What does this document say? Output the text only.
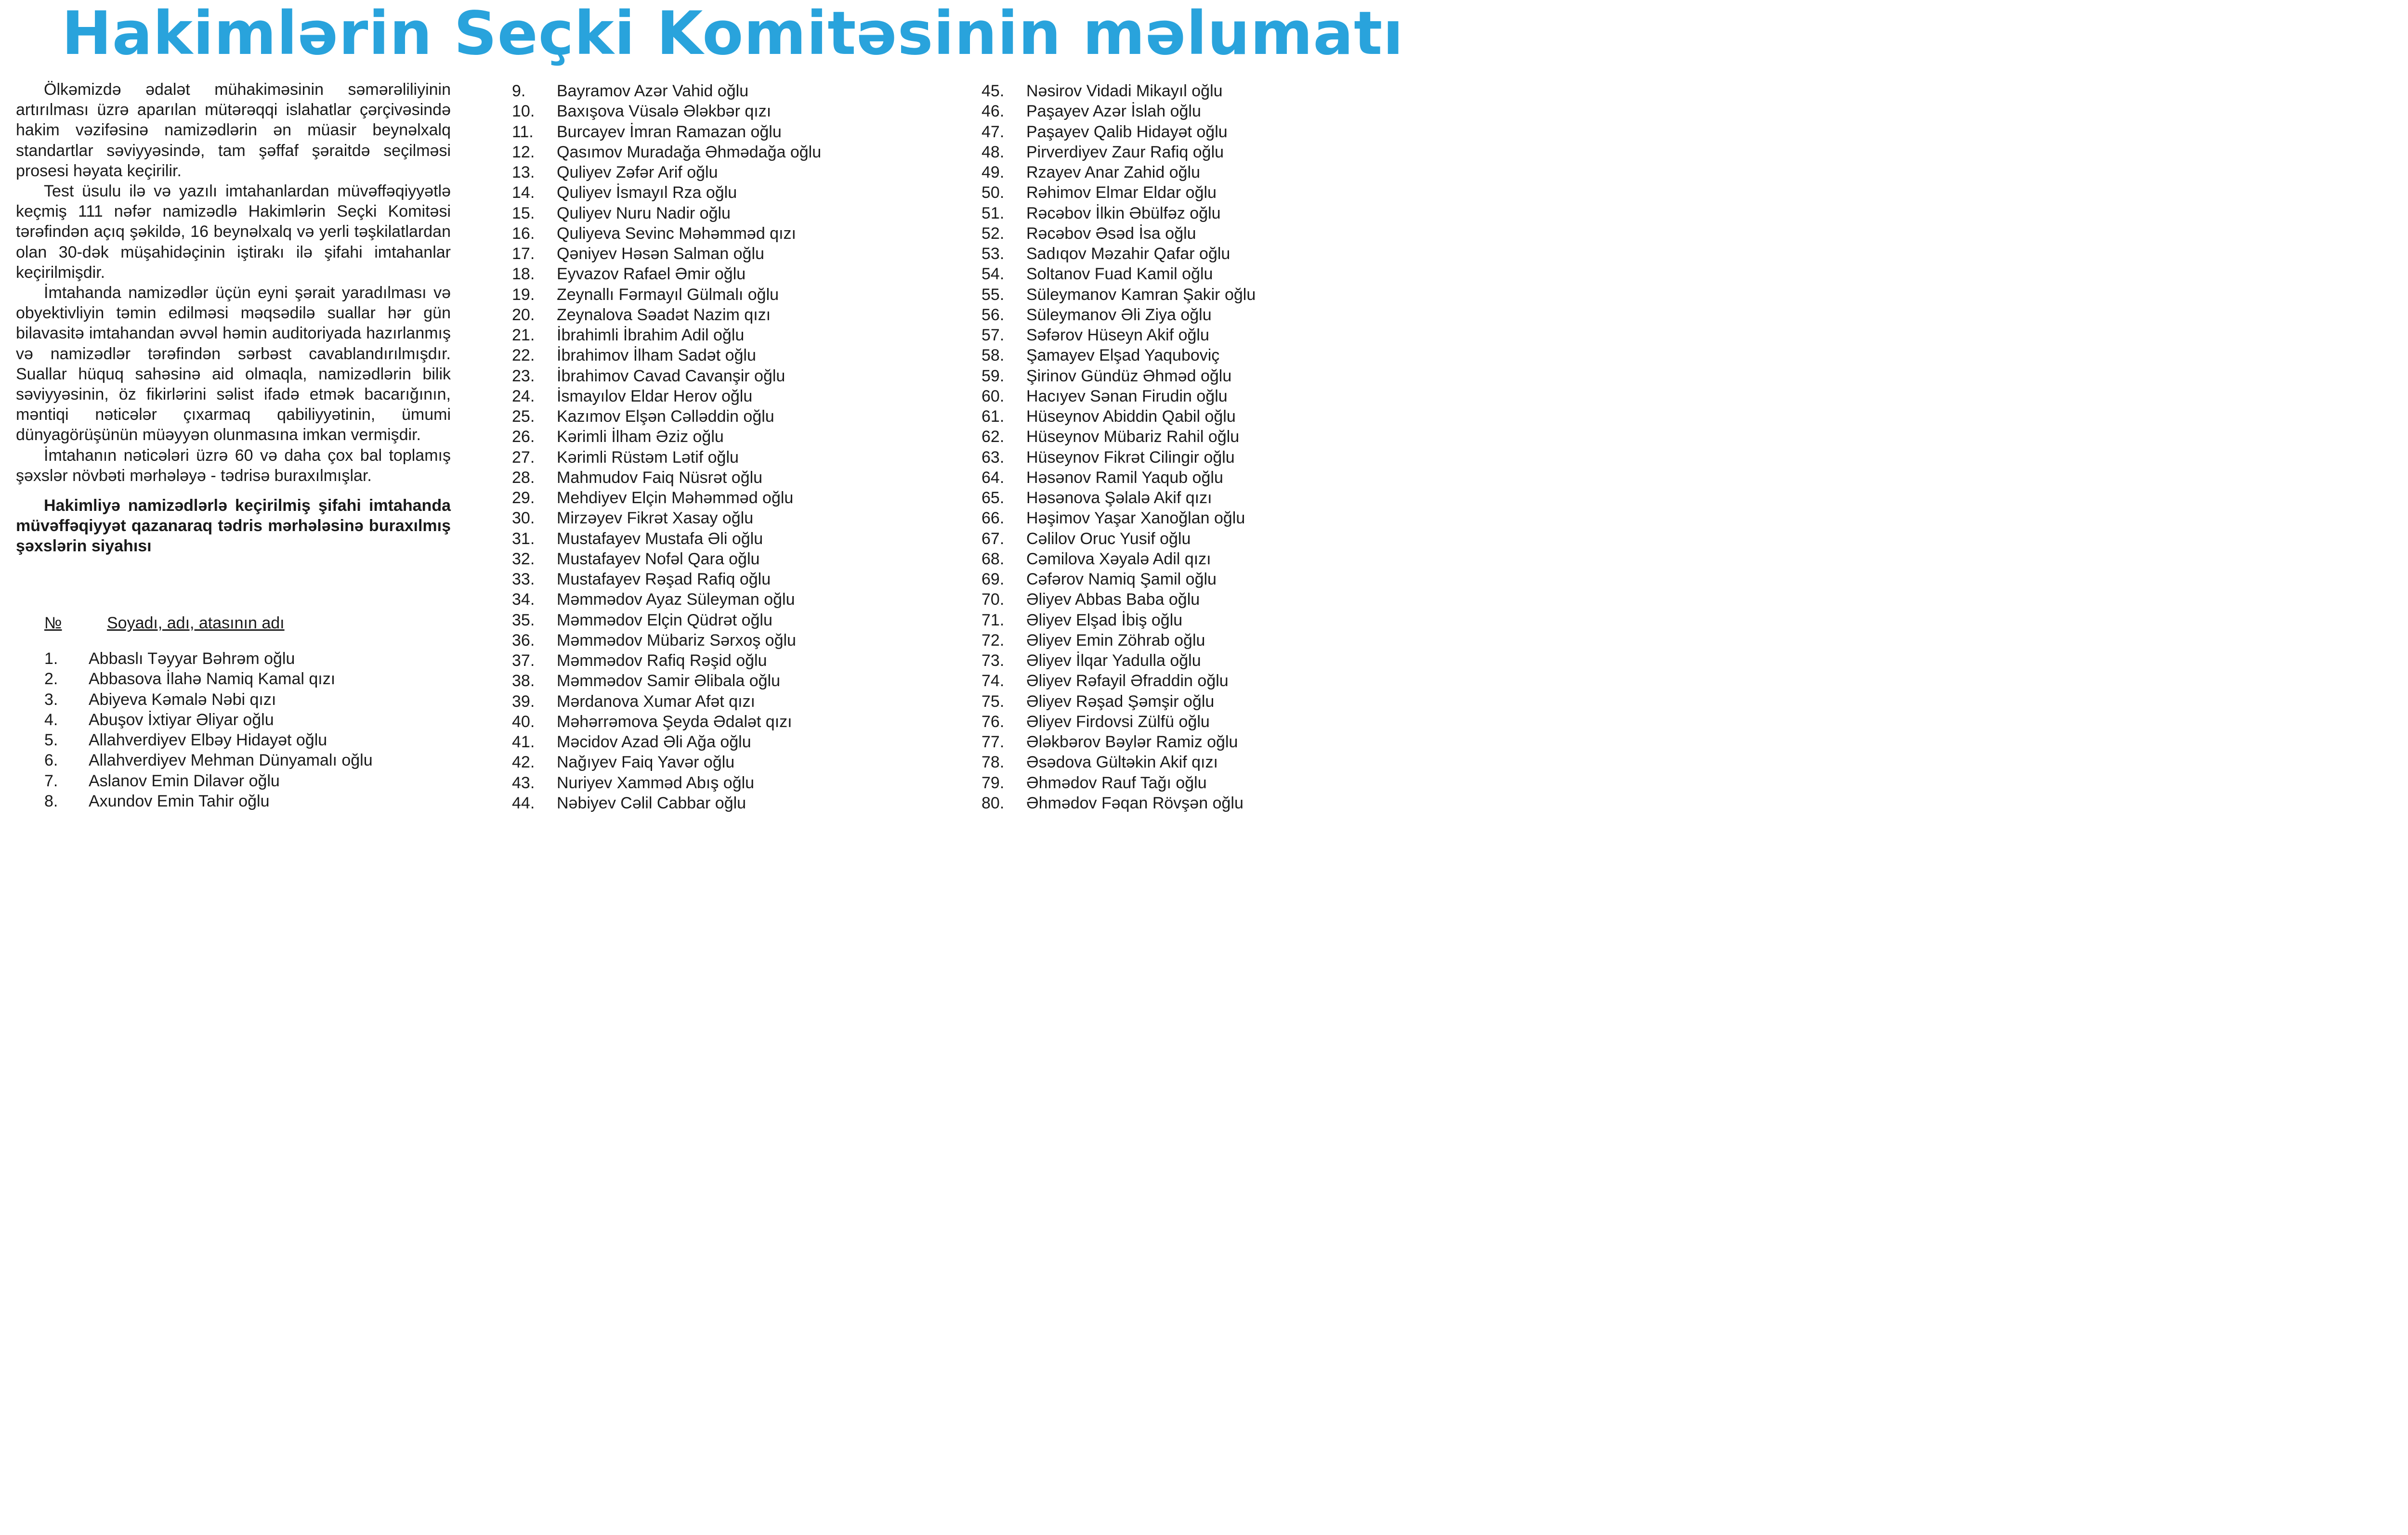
Hakimlərin Seçki Komitəsinin məlumatı

Ölkəmizdə ədalət mühakiməsinin səmərəliliyinin artırılması üzrə aparılan mütərəqqi islahatlar çərçivəsində hakim vəzifəsinə namizədlərin ən müasir beynəlxalq standartlar səviyyəsində, tam şəffaf şəraitdə seçilməsi prosesi həyata keçirilir.

Test üsulu ilə və yazılı imtahanlardan müvəffəqiyyətlə keçmiş 111 nəfər namizədlə Hakimlərin Seçki Komitəsi tərəfindən açıq şəkildə, 16 beynəlxalq və yerli təşkilatlardan olan 30-dək müşahidəçinin iştirakı ilə şifahi imtahanlar keçirilmişdir.

İmtahanda namizədlər üçün eyni şərait yaradılması və obyektivliyin təmin edilməsi məqsədilə suallar hər gün bilavasitə imtahandan əvvəl həmin auditoriyada hazırlanmış və namizədlər tərəfindən sərbəst cavablandırılmışdır. Suallar hüquq sahəsinə aid olmaqla, namizədlərin bilik səviyyəsinin, öz fikirlərini səlist ifadə etmək bacarığının, məntiqi nəticələr çıxarmaq qabiliyyətinin, ümumi dünyagörüşünün müəyyən olunmasına imkan vermişdir.

İmtahanın nəticələri üzrə 60 və daha çox bal toplamış şəxslər növbəti mərhələyə - tədrisə buraxılmışlar.

Hakimliyə namizədlərlə keçirilmiş şifahi imtahanda müvəffəqiyyət qazanaraq tədris mərhələsinə buraxılmış şəxslərin siyahısı

№	Soyadı, adı, atasının adı
1. Abbaslı Təyyar Bəhrəm oğlu
2. Abbasova İlahə Namiq Kamal qızı
3. Abiyeva Kəmalə Nəbi qızı
4. Abuşov İxtiyar Əliyar oğlu
5. Allahverdiyev Elbəy Hidayət oğlu
6. Allahverdiyev Mehman Dünyamalı oğlu
7. Aslanov Emin Dilavər oğlu
8. Axundov Emin Tahir oğlu
9. Bayramov Azər Vahid oğlu
10. Baxışova Vüsalə Ələkbər qızı
11. Burcayev İmran Ramazan oğlu
12. Qasımov Muradağa Əhmədağa oğlu
13. Quliyev Zəfər Arif oğlu
14. Quliyev İsmayıl Rza oğlu
15. Quliyev Nuru Nadir oğlu
16. Quliyeva Sevinc Məhəmməd qızı
17. Qəniyev Həsən Salman oğlu
18. Eyvazov Rafael Əmir oğlu
19. Zeynallı Fərmayıl Gülmalı oğlu
20. Zeynalova Səadət Nazim qızı
21. İbrahimli İbrahim Adil oğlu
22. İbrahimov İlham Sadət oğlu
23. İbrahimov Cavad Cavanşir oğlu
24. İsmayılov Eldar Herov oğlu
25. Kazımov Elşən Cəlləddin oğlu
26. Kərimli İlham Əziz oğlu
27. Kərimli Rüstəm Lətif oğlu
28. Mahmudov Faiq Nüsrət oğlu
29. Mehdiyev Elçin Məhəmməd oğlu
30. Mirzəyev Fikrət Xasay oğlu
31. Mustafayev Mustafa Əli oğlu
32. Mustafayev Nofəl Qara oğlu
33. Mustafayev Rəşad Rafiq oğlu
34. Məmmədov Ayaz Süleyman oğlu
35. Məmmədov Elçin Qüdrət oğlu
36. Məmmədov Mübariz Sərxoş oğlu
37. Məmmədov Rafiq Rəşid oğlu
38. Məmmədov Samir Əlibala oğlu
39. Mərdanova Xumar Afət qızı
40. Məhərrəmova Şeyda Ədalət qızı
41. Məcidov Azad Əli Ağa oğlu
42. Nağıyev Faiq Yavər oğlu
43. Nuriyev Xamməd Abış oğlu
44. Nəbiyev Cəlil Cabbar oğlu
45. Nəsirov Vidadi Mikayıl oğlu
46. Paşayev Azər İslah oğlu
47. Paşayev Qalib Hidayət oğlu
48. Pirverdiyev Zaur Rafiq oğlu
49. Rzayev Anar Zahid oğlu
50. Rəhimov Elmar Eldar oğlu
51. Rəcəbov İlkin Əbülfəz oğlu
52. Rəcəbov Əsəd İsa oğlu
53. Sadıqov Məzahir Qafar oğlu
54. Soltanov Fuad Kamil oğlu
55. Süleymanov Kamran Şakir oğlu
56. Süleymanov Əli Ziya oğlu
57. Səfərov Hüseyn Akif oğlu
58. Şamayev Elşad Yaquboviç
59. Şirinov Gündüz Əhməd oğlu
60. Hacıyev Sənan Firudin oğlu
61. Hüseynov Abiddin Qabil oğlu
62. Hüseynov Mübariz Rahil oğlu
63. Hüseynov Fikrət Cilingir oğlu
64. Həsənov Ramil Yaqub oğlu
65. Həsənova Şəlalə Akif qızı
66. Həşimov Yaşar Xanoğlan oğlu
67. Cəlilov Oruc Yusif oğlu
68. Cəmilova Xəyalə Adil qızı
69. Cəfərov Namiq Şamil oğlu
70. Əliyev Abbas Baba oğlu
71. Əliyev Elşad İbiş oğlu
72. Əliyev Emin Zöhrab oğlu
73. Əliyev İlqar Yadulla oğlu
74. Əliyev Rəfayil Əfraddin oğlu
75. Əliyev Rəşad Şəmşir oğlu
76. Əliyev Firdovsi Zülfü oğlu
77. Ələkbərov Bəylər Ramiz oğlu
78. Əsədova Gültəkin Akif qızı
79. Əhmədov Rauf Tağı oğlu
80. Əhmədov Fəqan Rövşən oğlu
